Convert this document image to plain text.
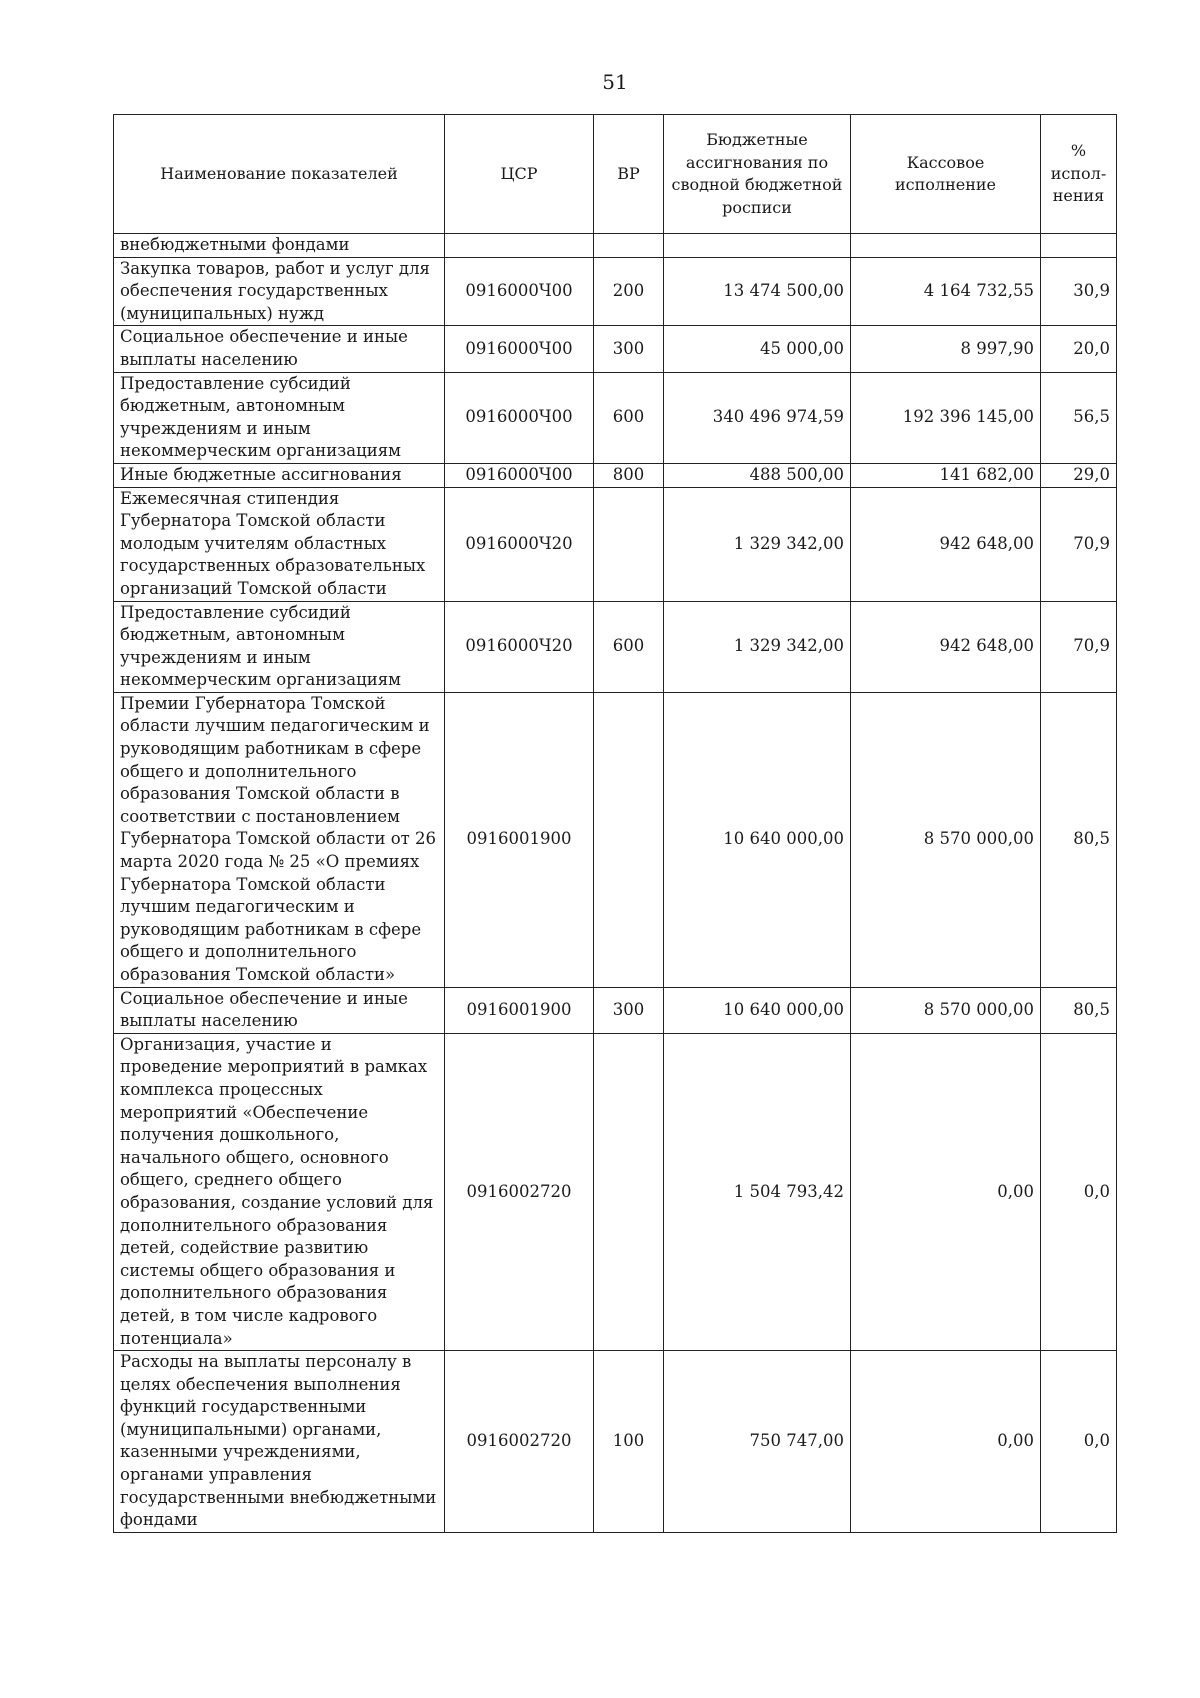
51
Наименование показателей	ЦСР	ВР	Бюджетные ассигнования по сводной бюджетной росписи	Кассовое исполнение	% испол-нения
внебюджетными фондами					
Закупка товаров, работ и услуг для обеспечения государственных (муниципальных) нужд	0916000Ч00	200	13 474 500,00	4 164 732,55	30,9
Социальное обеспечение и иные выплаты населению	0916000Ч00	300	45 000,00	8 997,90	20,0
Предоставление субсидий бюджетным, автономным учреждениям и иным некоммерческим организациям	0916000Ч00	600	340 496 974,59	192 396 145,00	56,5
Иные бюджетные ассигнования	0916000Ч00	800	488 500,00	141 682,00	29,0
Ежемесячная стипендия Губернатора Томской области молодым учителям областных государственных образовательных организаций Томской области	0916000Ч20		1 329 342,00	942 648,00	70,9
Предоставление субсидий бюджетным, автономным учреждениям и иным некоммерческим организациям	0916000Ч20	600	1 329 342,00	942 648,00	70,9
Премии Губернатора Томской области лучшим педагогическим и руководящим работникам в сфере общего и дополнительного образования Томской области в соответствии с постановлением Губернатора Томской области от 26 марта 2020 года № 25 «О премиях Губернатора Томской области лучшим педагогическим и руководящим работникам в сфере общего и дополнительного образования Томской области»	0916001900		10 640 000,00	8 570 000,00	80,5
Социальное обеспечение и иные выплаты населению	0916001900	300	10 640 000,00	8 570 000,00	80,5
Организация, участие и проведение мероприятий в рамках комплекса процессных мероприятий «Обеспечение получения дошкольного, начального общего, основного общего, среднего общего образования, создание условий для дополнительного образования детей, содействие развитию системы общего образования и дополнительного образования детей, в том числе кадрового потенциала»	0916002720		1 504 793,42	0,00	0,0
Расходы на выплаты персоналу в целях обеспечения выполнения функций государственными (муниципальными) органами, казенными учреждениями, органами управления государственными внебюджетными фондами	0916002720	100	750 747,00	0,00	0,0
